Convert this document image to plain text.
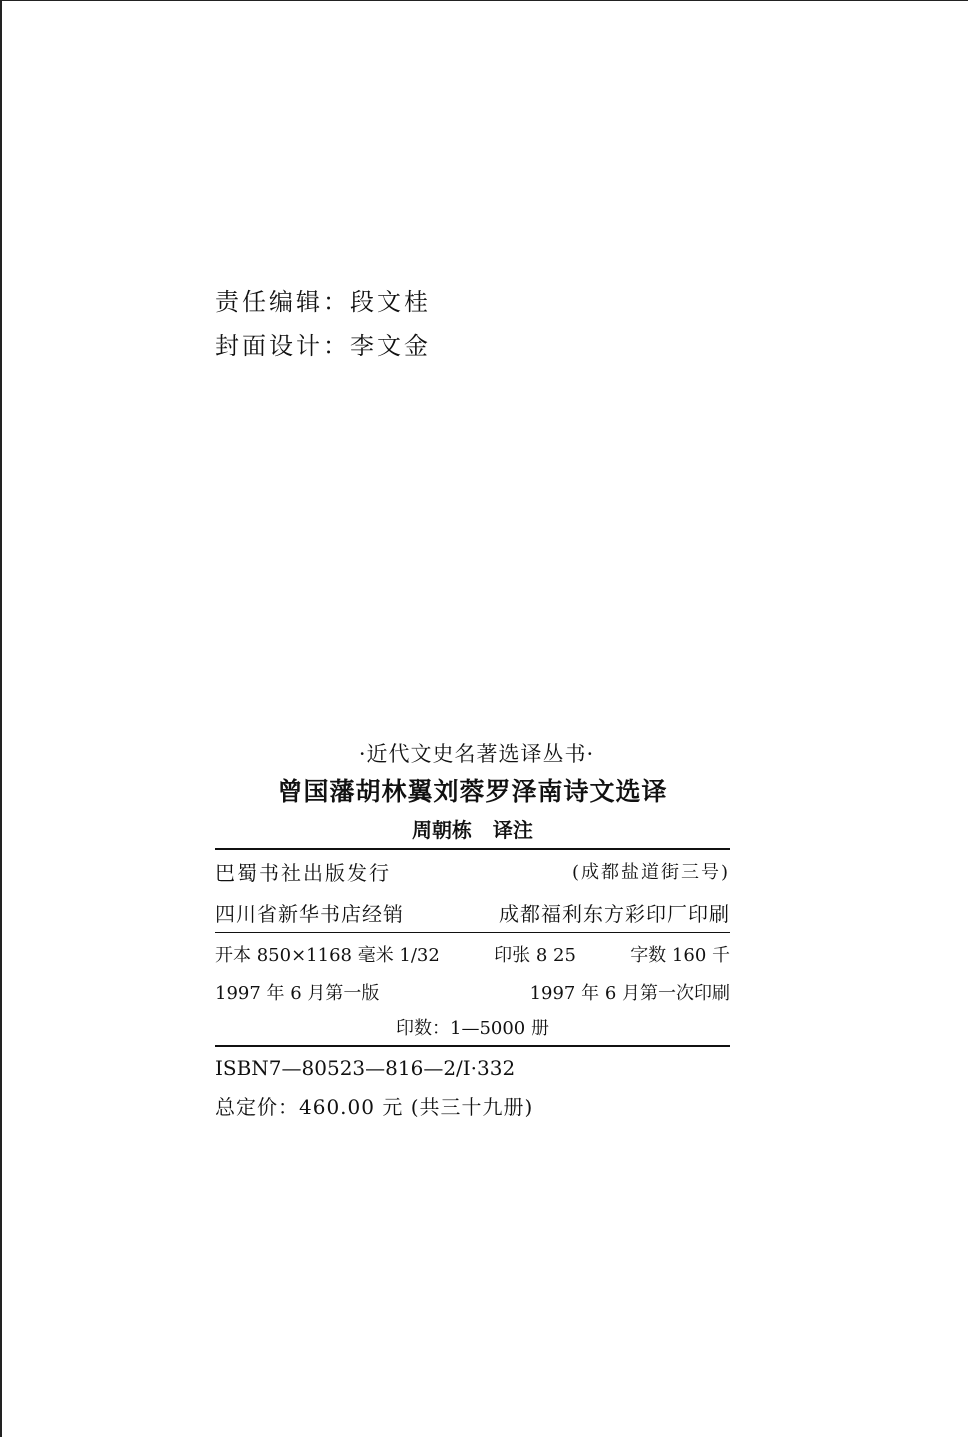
责任编辑：段文桂
封面设计：李文金
·近代文史名著选译丛书·
曾国藩胡林翼刘蓉罗泽南诗文选译
周朝栋   译注
巴蜀书社出版发行	(成都盐道街三号)
四川省新华书店经销	成都福利东方彩印厂印刷
开本 850×1168 毫米 1/32	印张 8 25	字数 160 千
1997 年 6 月第一版	1997 年 6 月第一次印刷
印数：1—5000 册
ISBN7—80523—816—2/I·332
总定价：460.00 元 (共三十九册)
